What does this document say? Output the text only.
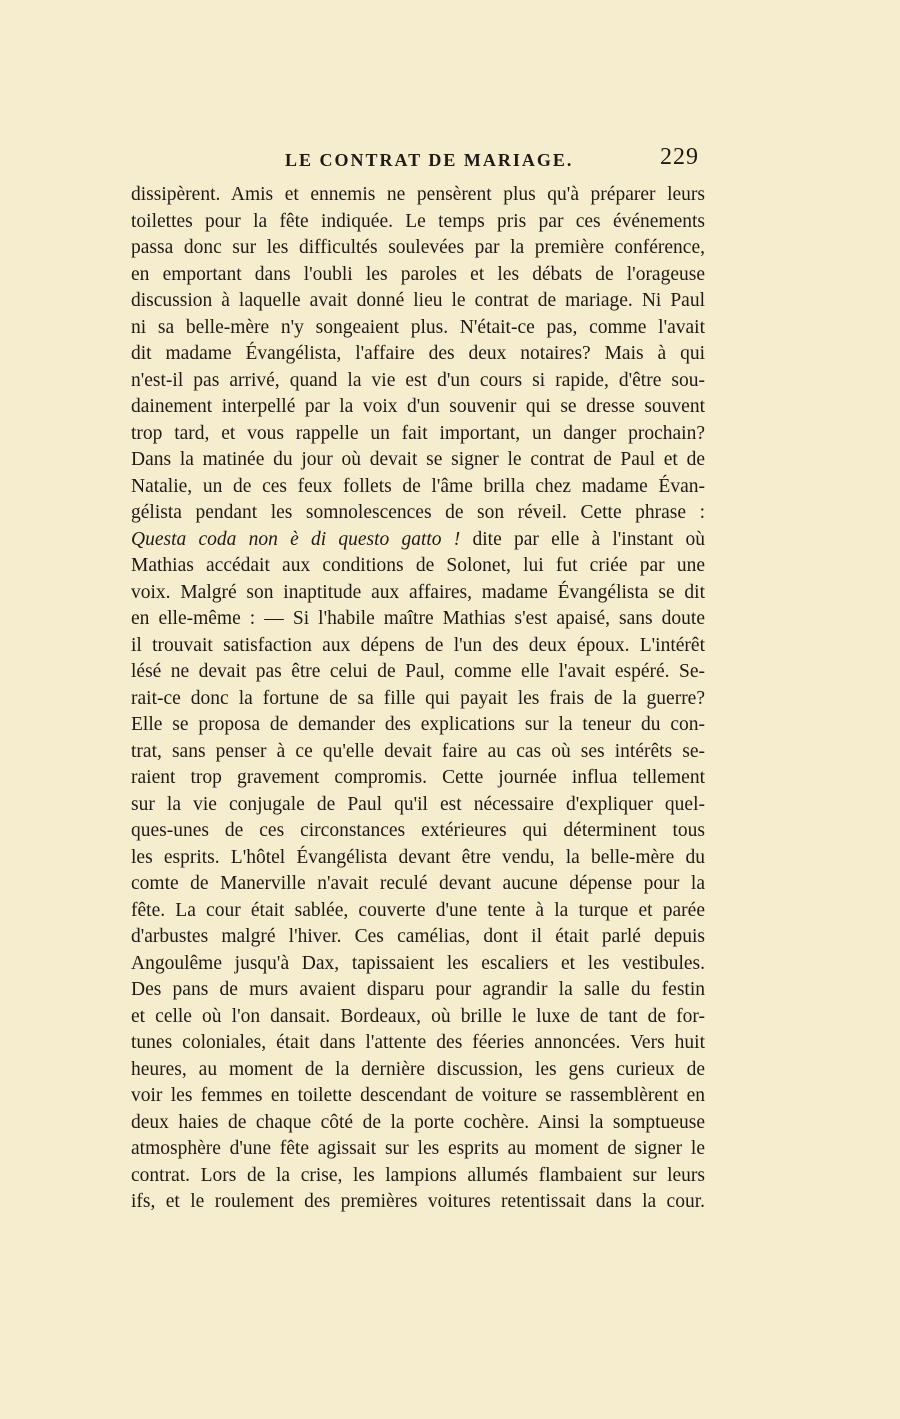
LE CONTRAT DE MARIAGE.	229
dissipèrent. Amis et ennemis ne pensèrent plus qu'à préparer leurs
toilettes pour la fête indiquée. Le temps pris par ces événements
passa donc sur les difficultés soulevées par la première conférence,
en emportant dans l'oubli les paroles et les débats de l'orageuse
discussion à laquelle avait donné lieu le contrat de mariage. Ni Paul
ni sa belle-mère n'y songeaient plus. N'était-ce pas, comme l'avait
dit madame Évangélista, l'affaire des deux notaires? Mais à qui
n'est-il pas arrivé, quand la vie est d'un cours si rapide, d'être sou-
dainement interpellé par la voix d'un souvenir qui se dresse souvent
trop tard, et vous rappelle un fait important, un danger prochain?
Dans la matinée du jour où devait se signer le contrat de Paul et de
Natalie, un de ces feux follets de l'âme brilla chez madame Évan-
gélista pendant les somnolescences de son réveil. Cette phrase :
Questa coda non è di questo gatto ! dite par elle à l'instant où
Mathias accédait aux conditions de Solonet, lui fut criée par une
voix. Malgré son inaptitude aux affaires, madame Évangélista se dit
en elle-même : — Si l'habile maître Mathias s'est apaisé, sans doute
il trouvait satisfaction aux dépens de l'un des deux époux. L'intérêt
lésé ne devait pas être celui de Paul, comme elle l'avait espéré. Se-
rait-ce donc la fortune de sa fille qui payait les frais de la guerre?
Elle se proposa de demander des explications sur la teneur du con-
trat, sans penser à ce qu'elle devait faire au cas où ses intérêts se-
raient trop gravement compromis. Cette journée influa tellement
sur la vie conjugale de Paul qu'il est nécessaire d'expliquer quel-
ques-unes de ces circonstances extérieures qui déterminent tous
les esprits. L'hôtel Évangélista devant être vendu, la belle-mère du
comte de Manerville n'avait reculé devant aucune dépense pour la
fête. La cour était sablée, couverte d'une tente à la turque et parée
d'arbustes malgré l'hiver. Ces camélias, dont il était parlé depuis
Angoulême jusqu'à Dax, tapissaient les escaliers et les vestibules.
Des pans de murs avaient disparu pour agrandir la salle du festin
et celle où l'on dansait. Bordeaux, où brille le luxe de tant de for-
tunes coloniales, était dans l'attente des féeries annoncées. Vers huit
heures, au moment de la dernière discussion, les gens curieux de
voir les femmes en toilette descendant de voiture se rassemblèrent en
deux haies de chaque côté de la porte cochère. Ainsi la somptueuse
atmosphère d'une fête agissait sur les esprits au moment de signer le
contrat. Lors de la crise, les lampions allumés flambaient sur leurs
ifs, et le roulement des premières voitures retentissait dans la cour.
